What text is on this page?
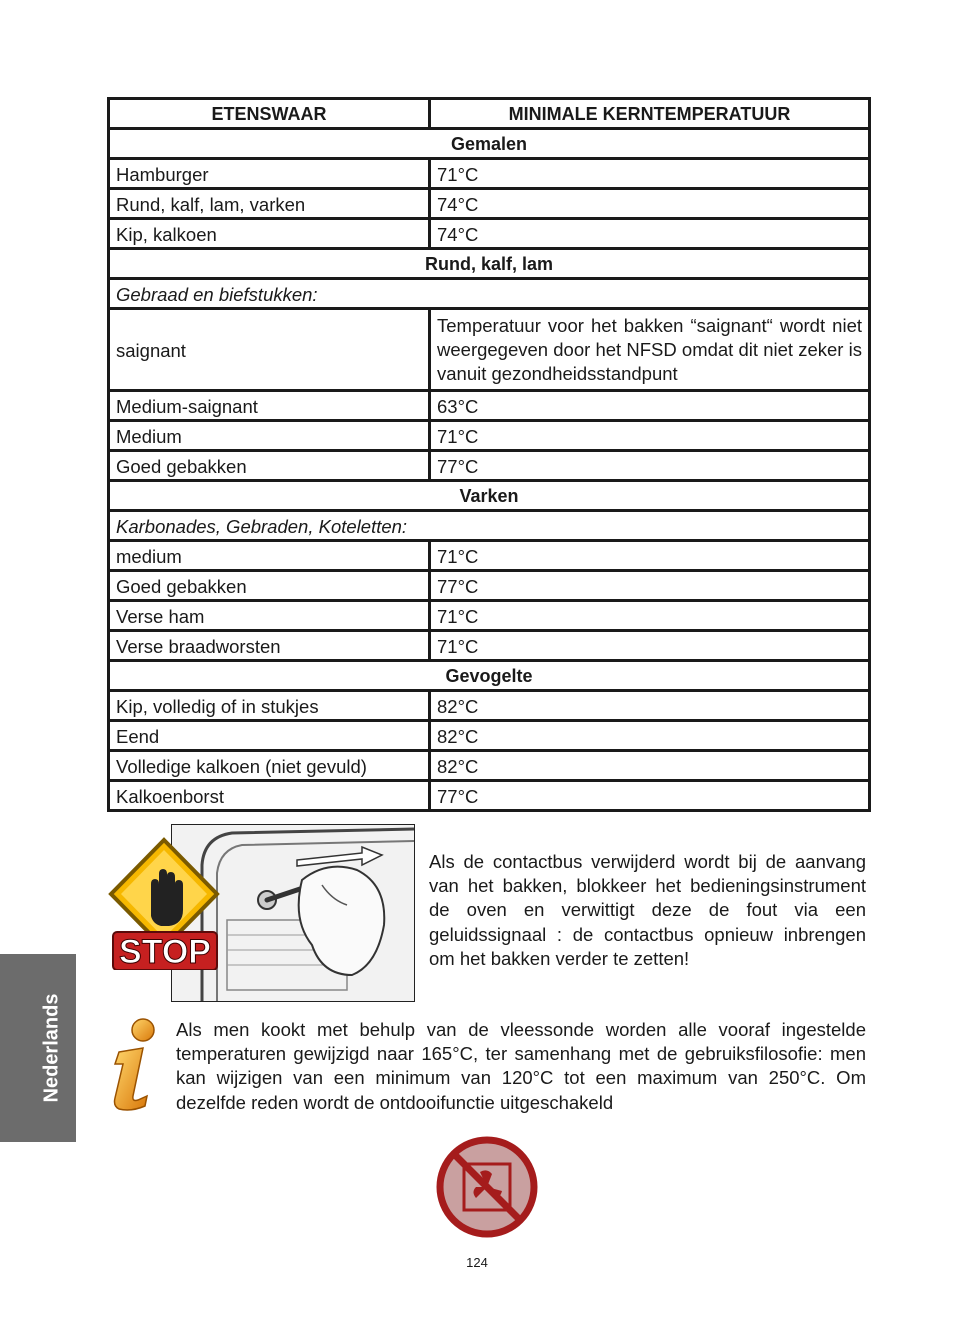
ETENSWAAR	MINIMALE KERNTEMPERATUUR
Gemalen	
Hamburger	71°C
Rund, kalf, lam, varken	74°C
Kip, kalkoen	74°C
Rund, kalf, lam	
Gebraad en biefstukken:	
saignant	Temperatuur voor het bakken “saignant“ wordt niet weergegeven door het NFSD omdat dit niet zeker is vanuit gezondheidsstandpunt
Medium-saignant	63°C
Medium	71°C
Goed gebakken	77°C
Varken	
Karbonades, Gebraden, Koteletten:	
medium	71°C
Goed gebakken	77°C
Verse ham	71°C
Verse braadworsten	71°C
Gevogelte	
Kip, volledig of in stukjes	82°C
Eend	82°C
Volledige kalkoen (niet gevuld)	82°C
Kalkoenborst	77°C
STOP
Als de contactbus verwijderd wordt bij de aanvang van het bakken, blokkeer het bedieningsinstrument de oven en verwittigt deze de fout via een geluidssignaal : de contactbus opnieuw inbrengen om het bakken verder te zetten!
Als men kookt met behulp van de vleessonde worden alle vooraf ingestelde temperaturen gewijzigd naar 165°C, ter samenhang met de gebruiksfilosofie: men kan wijzigen van een minimum van 120°C tot een maximum van 250°C. Om dezelfde reden wordt de ontdooifunctie uitgeschakeld
124
Nederlands
